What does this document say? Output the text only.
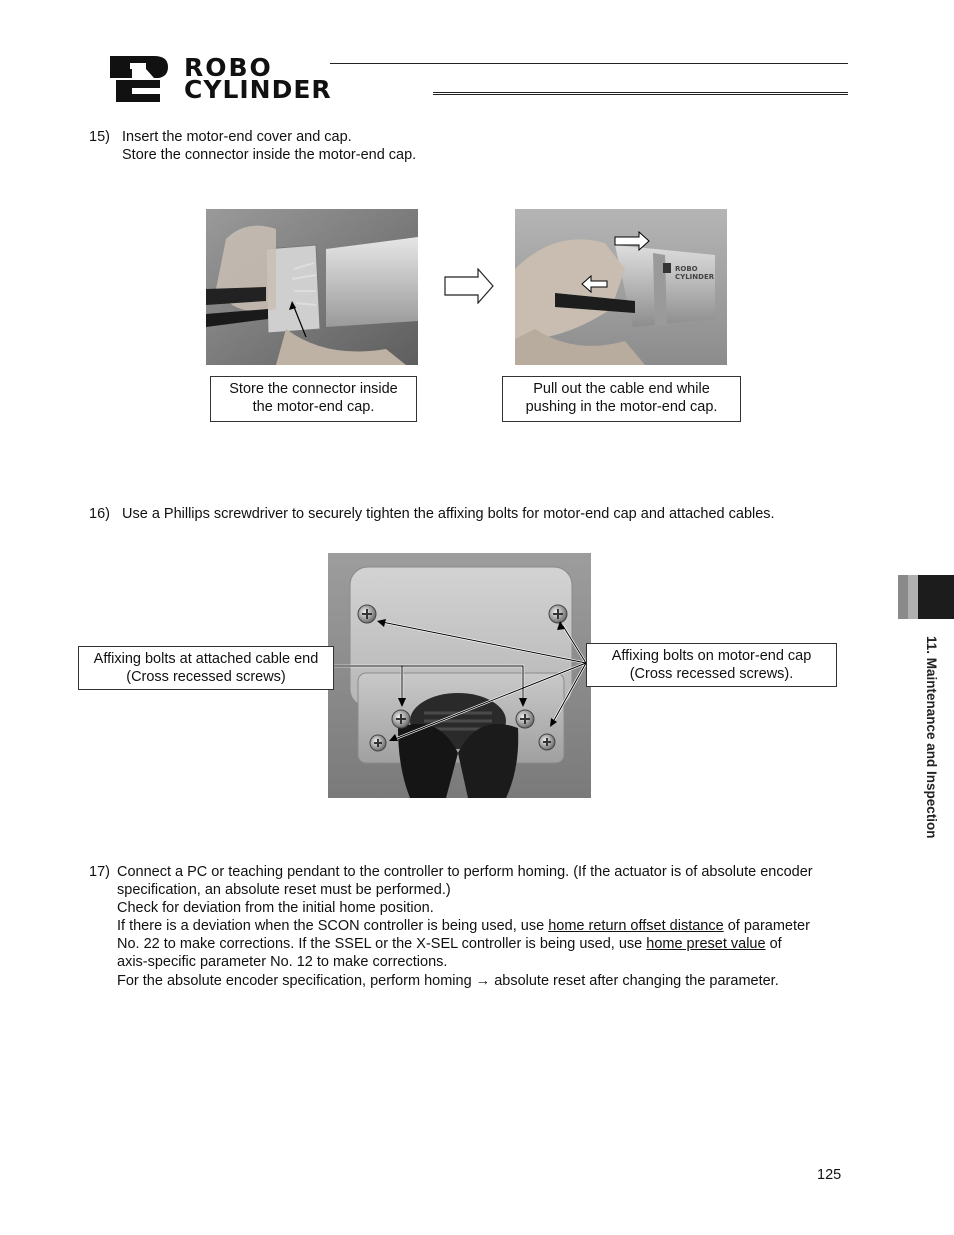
ROBO
CYLINDER
15) Insert the motor-end cover and cap.
Store the connector inside the motor-end cap.
ROBO
CYLINDER
Store the connector inside
the motor-end cap.
Pull out the cable end while
pushing in the motor-end cap.
16) Use a Phillips screwdriver to securely tighten the affixing bolts for motor-end cap and attached cables.
Affixing bolts at attached cable end
(Cross recessed screws)
Affixing bolts on motor-end cap
(Cross recessed screws).
17) Connect a PC or teaching pendant to the controller to perform homing. (If the actuator is of absolute encoder
specification, an absolute reset must be performed.)
Check for deviation from the initial home position.
If there is a deviation when the SCON controller is being used, use home return offset distance of parameter
No. 22 to make corrections. If the SSEL or the X-SEL controller is being used, use home preset value of
axis-specific parameter No. 12 to make corrections.
For the absolute encoder specification, perform homing → absolute reset after changing the parameter.
11. Maintenance and Inspection
125
